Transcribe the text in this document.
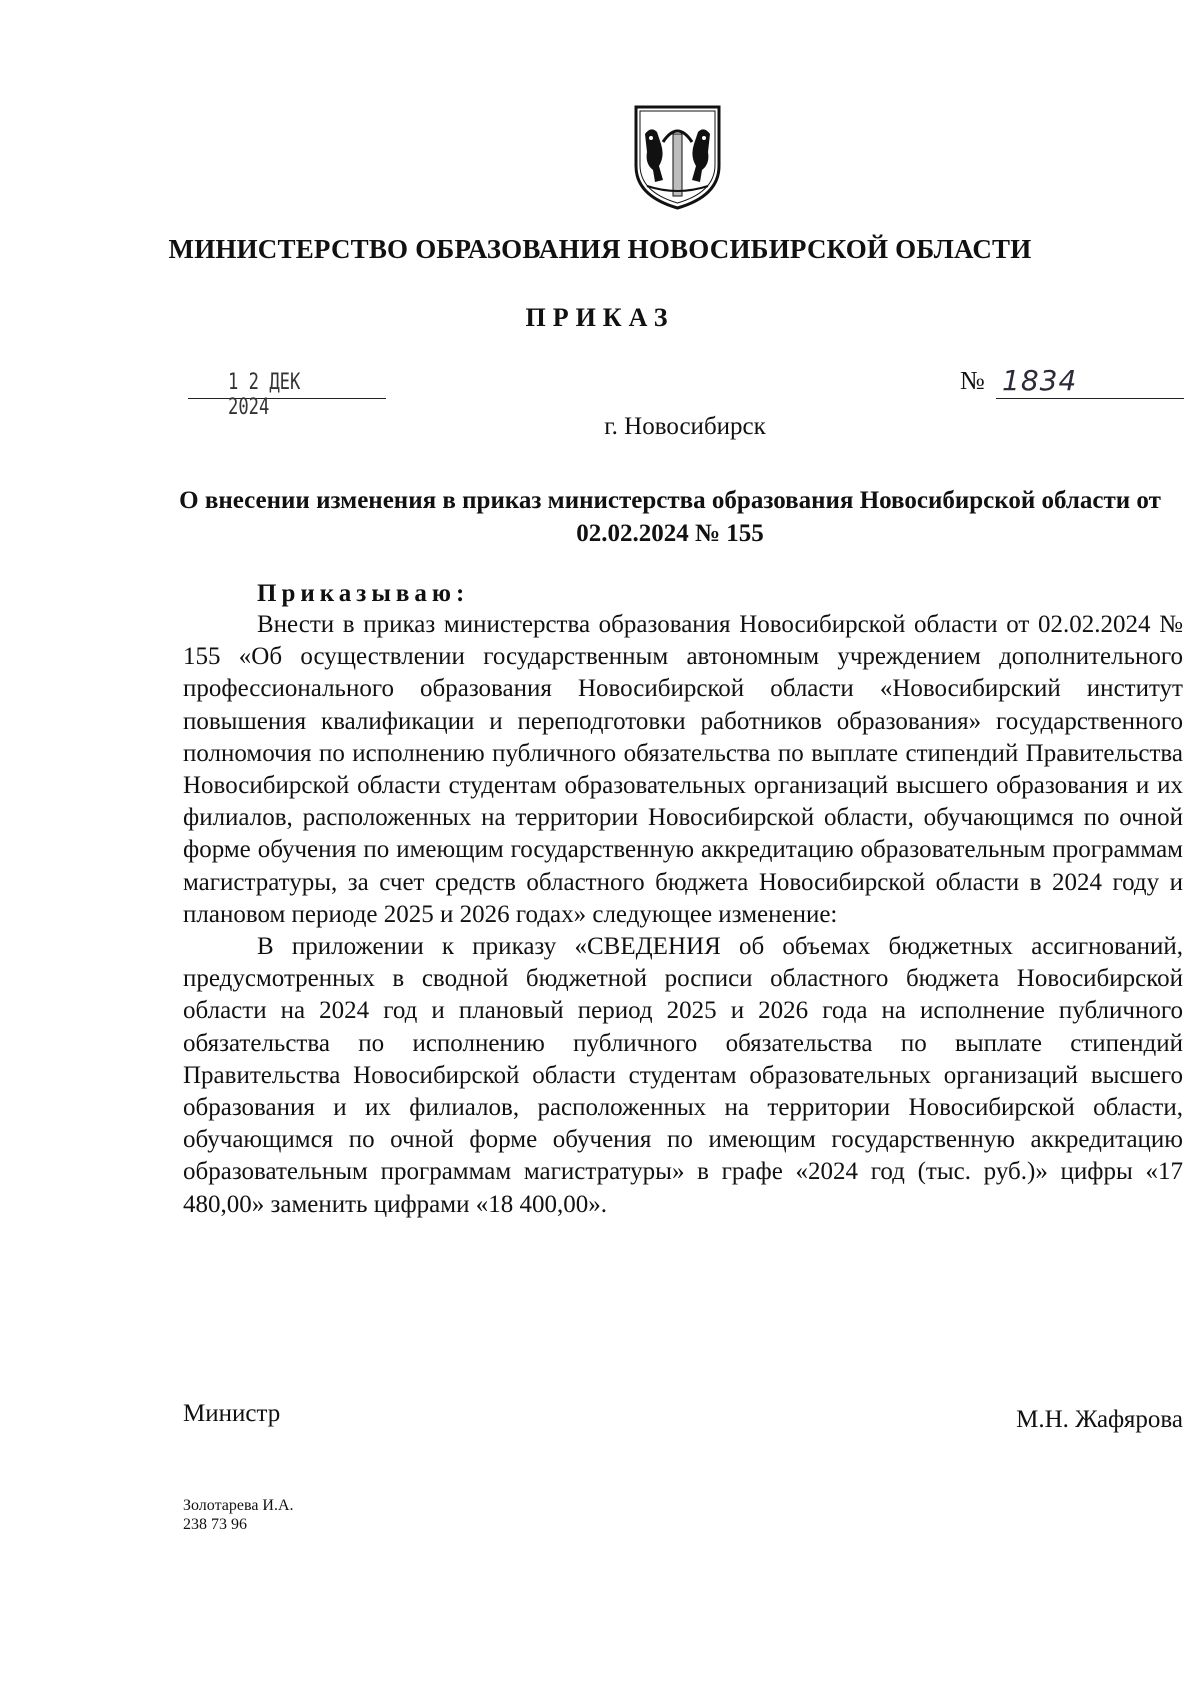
МИНИСТЕРСТВО ОБРАЗОВАНИЯ НОВОСИБИРСКОЙ ОБЛАСТИ
ПРИКАЗ
1 2 ДЕК 2024
№ 1834
г. Новосибирск
О внесении изменения в приказ министерства образования Новосибирской области от 02.02.2024 № 155
Приказываю:

Внести в приказ министерства образования Новосибирской области от 02.02.2024 № 155 «Об осуществлении государственным автономным учреждением дополнительного профессионального образования Новосибирской области «Новосибирский институт повышения квалификации и переподготовки работников образования» государственного полномочия по исполнению публичного обязательства по выплате стипендий Правительства Новосибирской области студентам образовательных организаций высшего образования и их филиалов, расположенных на территории Новосибирской области, обучающимся по очной форме обучения по имеющим государственную аккредитацию образовательным программам магистратуры, за счет средств областного бюджета Новосибирской области в 2024 году и плановом периоде 2025 и 2026 годах» следующее изменение:

В приложении к приказу «СВЕДЕНИЯ об объемах бюджетных ассигнований, предусмотренных в сводной бюджетной росписи областного бюджета Новосибирской области на 2024 год и плановый период 2025 и 2026 года на исполнение публичного обязательства по исполнению публичного обязательства по выплате стипендий Правительства Новосибирской области студентам образовательных организаций высшего образования и их филиалов, расположенных на территории Новосибирской области, обучающимся по очной форме обучения по имеющим государственную аккредитацию образовательным программам магистратуры» в графе «2024 год (тыс. руб.)» цифры «17 480,00» заменить цифрами «18 400,00».

Министр	М.Н. Жафярова
Золотарева И.А.
238 73 96
